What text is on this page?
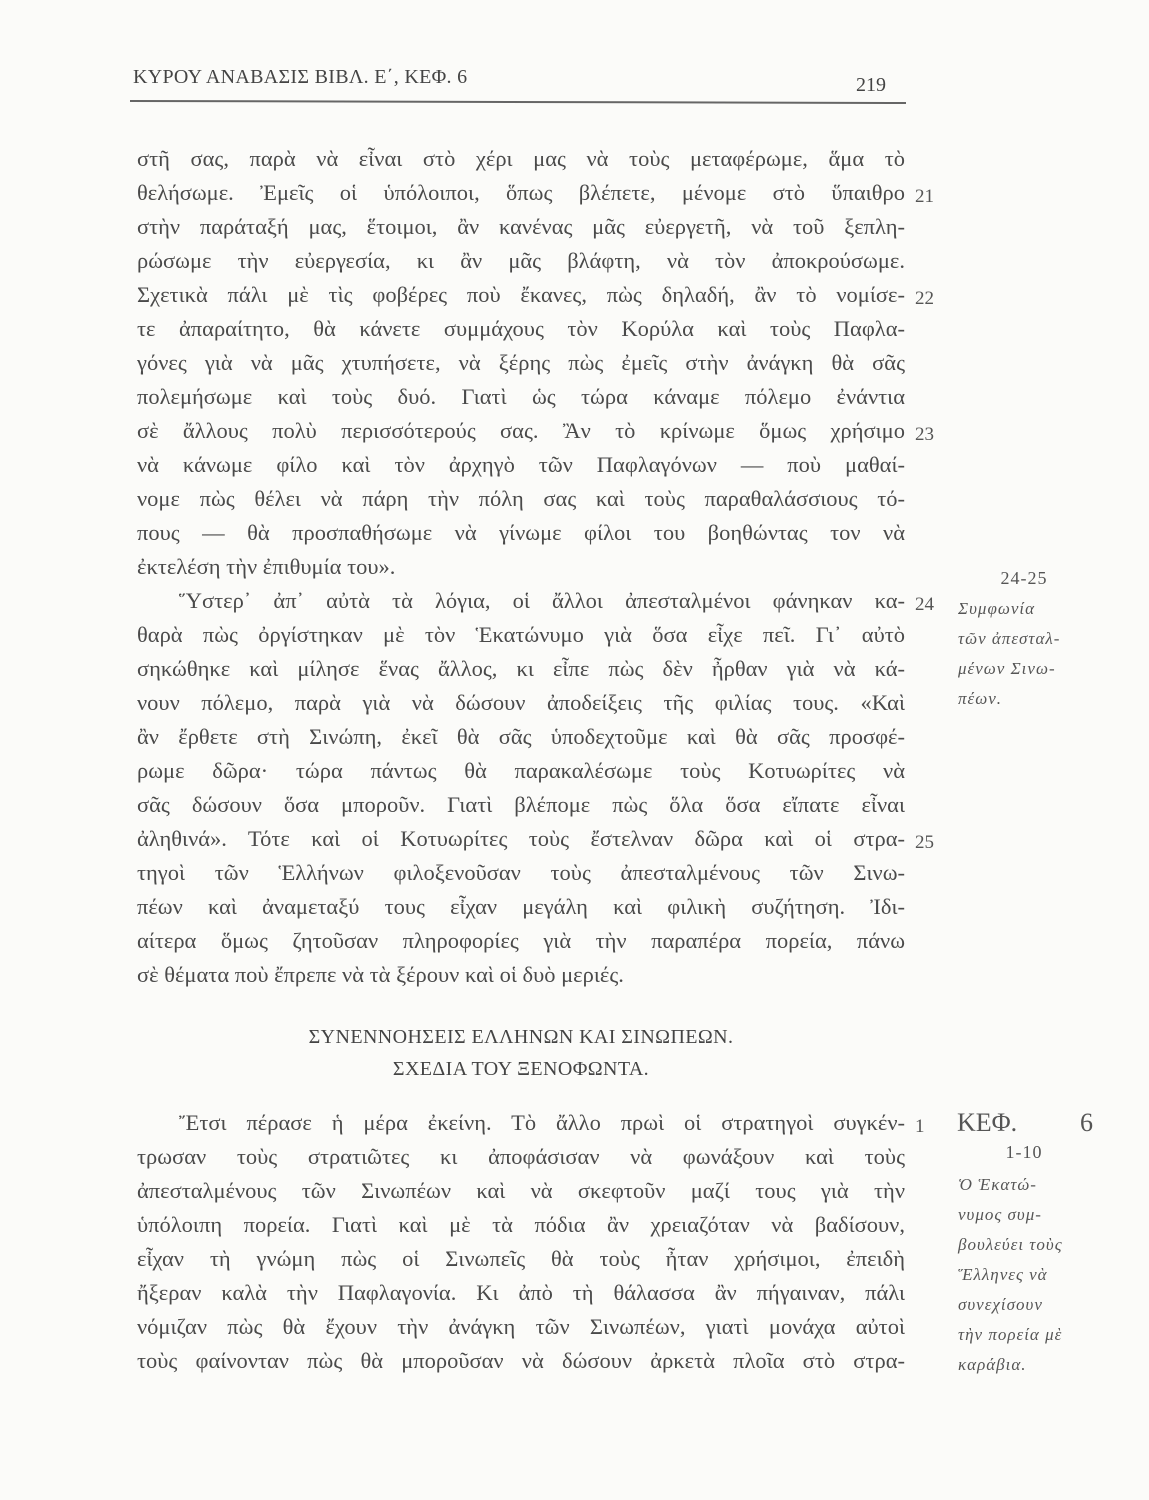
ΚΥΡΟΥ ΑΝΑΒΑΣΙΣ ΒΙΒΛ. Ε΄, ΚΕΦ. 6	219
στῆ σας, παρὰ νὰ εἶναι στὸ χέρι μας νὰ τοὺς μεταφέρωμε, ἅμα τὸ
θελήσωμε. Ἐμεῖς οἱ ὑπόλοιποι, ὅπως βλέπετε, μένομε στὸ ὕπαιθρο 21
στὴν παράταξή μας, ἕτοιμοι, ἂν κανένας μᾶς εὐεργετῆ, νὰ τοῦ ξεπλη-
ρώσωμε τὴν εὐεργεσία, κι ἂν μᾶς βλάφτη, νὰ τὸν ἀποκρούσωμε.
Σχετικὰ πάλι μὲ τὶς φοβέρες ποὺ ἔκανες, πὼς δηλαδή, ἂν τὸ νομίσε- 22
τε ἀπαραίτητο, θὰ κάνετε συμμάχους τὸν Κορύλα καὶ τοὺς Παφλα-
γόνες γιὰ νὰ μᾶς χτυπήσετε, νὰ ξέρης πὼς ἐμεῖς στὴν ἀνάγκη θὰ σᾶς
πολεμήσωμε καὶ τοὺς δυό. Γιατὶ ὡς τώρα κάναμε πόλεμο ἐνάντια
σὲ ἄλλους πολὺ περισσότερούς σας. Ἂν τὸ κρίνωμε ὅμως χρήσιμο 23
νὰ κάνωμε φίλο καὶ τὸν ἀρχηγὸ τῶν Παφλαγόνων — ποὺ μαθαί-
νομε πὼς θέλει νὰ πάρη τὴν πόλη σας καὶ τοὺς παραθαλάσσιους τό-
πους — θὰ προσπαθήσωμε νὰ γίνωμε φίλοι του βοηθώντας τον νὰ
ἐκτελέση τὴν ἐπιθυμία του».
Ὕστερ᾽ ἀπ᾽ αὐτὰ τὰ λόγια, οἱ ἄλλοι ἀπεσταλμένοι φάνηκαν κα- 24
θαρὰ πὼς ὀργίστηκαν μὲ τὸν Ἑκατώνυμο γιὰ ὅσα εἶχε πεῖ. Γι᾽ αὐτὸ
σηκώθηκε καὶ μίλησε ἕνας ἄλλος, κι εἶπε πὼς δὲν ἦρθαν γιὰ νὰ κά-
νουν πόλεμο, παρὰ γιὰ νὰ δώσουν ἀποδείξεις τῆς φιλίας τους. «Καὶ
ἂν ἔρθετε στὴ Σινώπη, ἐκεῖ θὰ σᾶς ὑποδεχτοῦμε καὶ θὰ σᾶς προσφέ-
ρωμε δῶρα· τώρα πάντως θὰ παρακαλέσωμε τοὺς Κοτυωρίτες νὰ
σᾶς δώσουν ὅσα μποροῦν. Γιατὶ βλέπομε πὼς ὅλα ὅσα εἴπατε εἶναι
ἀληθινά». Τότε καὶ οἱ Κοτυωρίτες τοὺς ἔστελναν δῶρα καὶ οἱ στρα- 25
τηγοὶ τῶν Ἑλλήνων φιλοξενοῦσαν τοὺς ἀπεσταλμένους τῶν Σινω-
πέων καὶ ἀναμεταξύ τους εἶχαν μεγάλη καὶ φιλικὴ συζήτηση. Ἰδι-
αίτερα ὅμως ζητοῦσαν πληροφορίες γιὰ τὴν παραπέρα πορεία, πάνω
σὲ θέματα ποὺ ἔπρεπε νὰ τὰ ξέρουν καὶ οἱ δυὸ μεριές.
Ἔτσι πέρασε ἡ μέρα ἐκείνη. Τὸ ἄλλο πρωὶ οἱ στρατηγοὶ συγκέν- 1
τρωσαν τοὺς στρατιῶτες κι ἀποφάσισαν νὰ φωνάξουν καὶ τοὺς
ἀπεσταλμένους τῶν Σινωπέων καὶ νὰ σκεφτοῦν μαζί τους γιὰ τὴν
ὑπόλοιπη πορεία. Γιατὶ καὶ μὲ τὰ πόδια ἂν χρειαζόταν νὰ βαδίσουν,
εἶχαν τὴ γνώμη πὼς οἱ Σινωπεῖς θὰ τοὺς ἦταν χρήσιμοι, ἐπειδὴ
ἤξεραν καλὰ τὴν Παφλαγονία. Κι ἀπὸ τὴ θάλασσα ἂν πήγαιναν, πάλι
νόμιζαν πὼς θὰ ἔχουν τὴν ἀνάγκη τῶν Σινωπέων, γιατὶ μονάχα αὐτοὶ
τοὺς φαίνονταν πὼς θὰ μποροῦσαν νὰ δώσουν ἀρκετὰ πλοῖα στὸ στρα-
ΣΥΝΕΝΝΟΗΣΕΙΣ ΕΛΛΗΝΩΝ ΚΑΙ ΣΙΝΩΠΕΩΝ.
ΣΧΕΔΙΑ ΤΟΥ ΞΕΝΟΦΩΝΤΑ.
24-25
Συμφωνία
τῶν ἀπεσταλ-
μένων Σινω-
πέων.
ΚΕΦ. 6
1-10
Ὁ Ἑκατώ-
νυμος συμ-
βουλεύει τοὺς
Ἕλληνες νὰ
συνεχίσουν
τὴν πορεία μὲ
καράβια.
